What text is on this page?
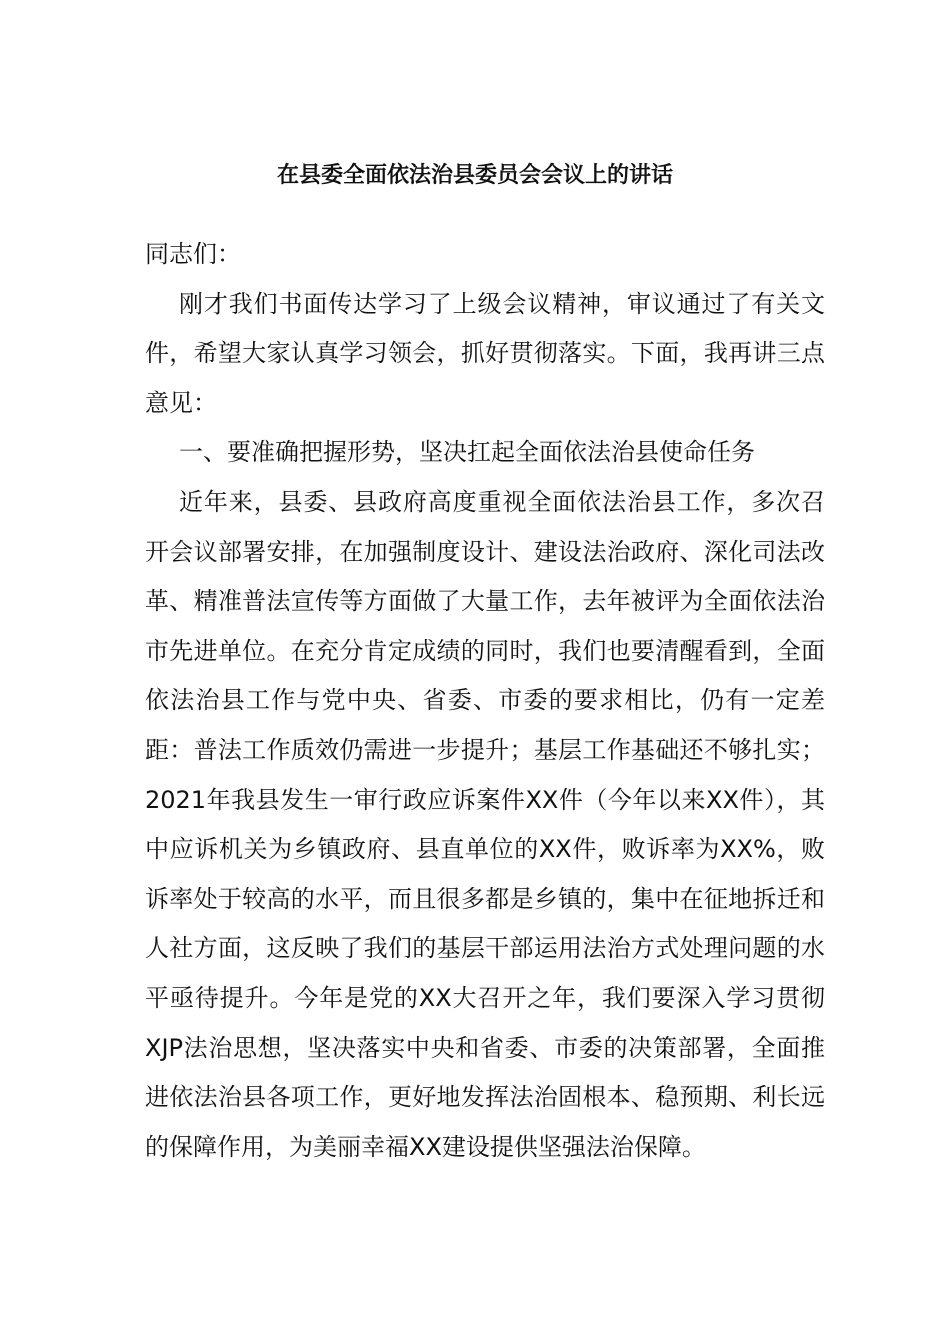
在县委全面依法治县委员会会议上的讲话

同志们：

刚才我们书面传达学习了上级会议精神，审议通过了有关文件，希望大家认真学习领会，抓好贯彻落实。下面，我再讲三点意见：

一、要准确把握形势，坚决扛起全面依法治县使命任务

近年来，县委、县政府高度重视全面依法治县工作，多次召开会议部署安排，在加强制度设计、建设法治政府、深化司法改革、精准普法宣传等方面做了大量工作，去年被评为全面依法治市先进单位。在充分肯定成绩的同时，我们也要清醒看到，全面依法治县工作与党中央、省委、市委的要求相比，仍有一定差距：普法工作质效仍需进一步提升；基层工作基础还不够扎实；2021年我县发生一审行政应诉案件XX件（今年以来XX件），其中应诉机关为乡镇政府、县直单位的XX件，败诉率为XX%，败诉率处于较高的水平，而且很多都是乡镇的，集中在征地拆迁和人社方面，这反映了我们的基层干部运用法治方式处理问题的水平亟待提升。今年是党的XX大召开之年，我们要深入学习贯彻XJP法治思想，坚决落实中央和省委、市委的决策部署，全面推进依法治县各项工作，更好地发挥法治固根本、稳预期、利长远的保障作用，为美丽幸福XX建设提供坚强法治保障。
